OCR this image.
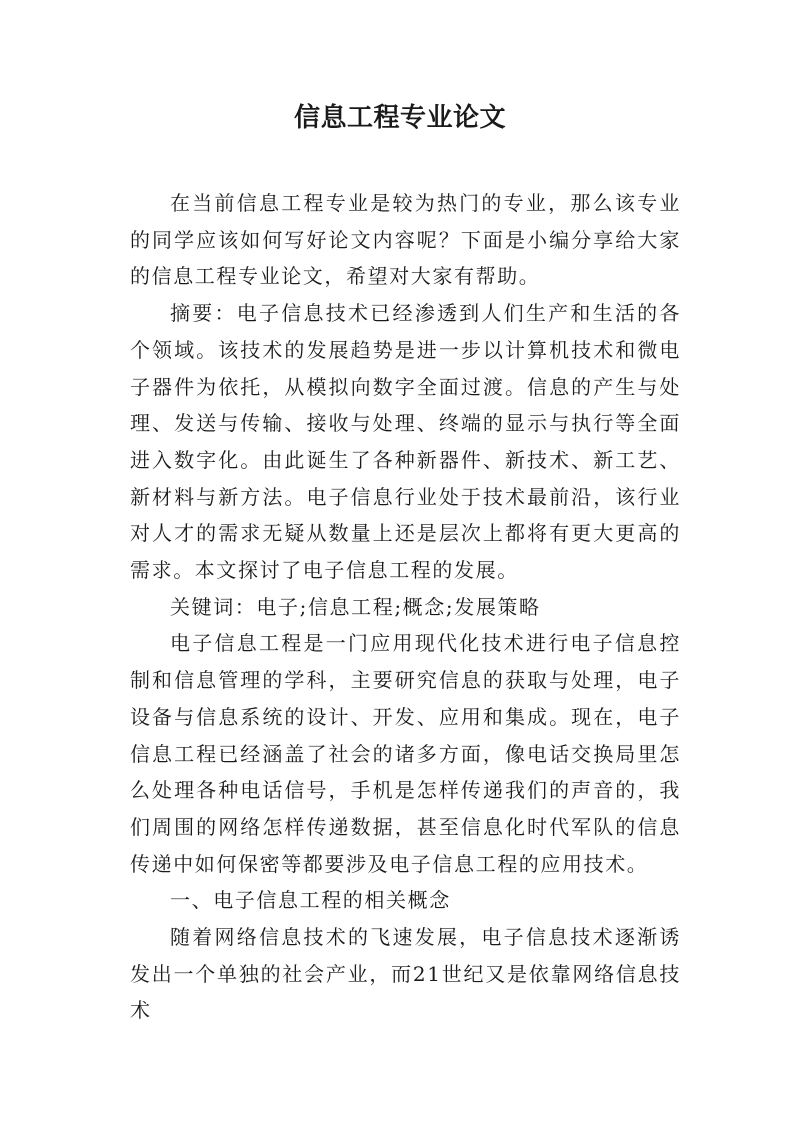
信息工程专业论文

在当前信息工程专业是较为热门的专业，那么该专业的同学应该如何写好论文内容呢？下面是小编分享给大家的信息工程专业论文，希望对大家有帮助。

摘要：电子信息技术已经渗透到人们生产和生活的各个领域。该技术的发展趋势是进一步以计算机技术和微电子器件为依托，从模拟向数字全面过渡。信息的产生与处理、发送与传输、接收与处理、终端的显示与执行等全面进入数字化。由此诞生了各种新器件、新技术、新工艺、新材料与新方法。电子信息行业处于技术最前沿，该行业对人才的需求无疑从数量上还是层次上都将有更大更高的需求。本文探讨了电子信息工程的发展。

关键词：电子;信息工程;概念;发展策略

电子信息工程是一门应用现代化技术进行电子信息控制和信息管理的学科，主要研究信息的获取与处理，电子设备与信息系统的设计、开发、应用和集成。现在，电子信息工程已经涵盖了社会的诸多方面，像电话交换局里怎么处理各种电话信号，手机是怎样传递我们的声音的，我们周围的网络怎样传递数据，甚至信息化时代军队的信息传递中如何保密等都要涉及电子信息工程的应用技术。

一、电子信息工程的相关概念

随着网络信息技术的飞速发展，电子信息技术逐渐诱发出一个单独的社会产业，而21世纪又是依靠网络信息技术
